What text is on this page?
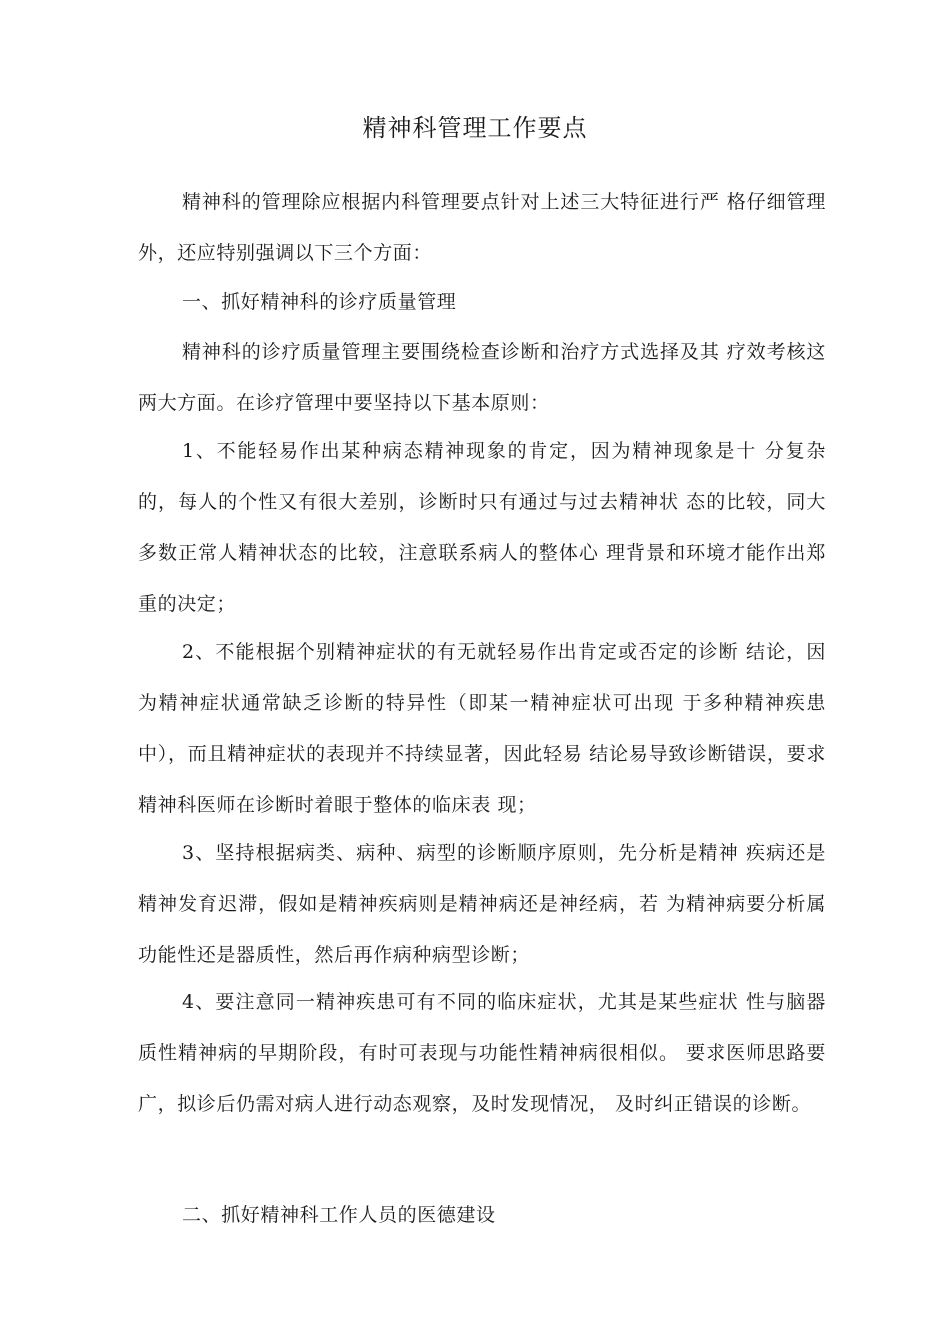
精神科管理工作要点

精神科的管理除应根据内科管理要点针对上述三大特征进行严 格仔细管理外，还应特别强调以下三个方面：

一、抓好精神科的诊疗质量管理

精神科的诊疗质量管理主要围绕检查诊断和治疗方式选择及其 疗效考核这两大方面。在诊疗管理中要坚持以下基本原则：

1、不能轻易作出某种病态精神现象的肯定，因为精神现象是十 分复杂的，每人的个性又有很大差别，诊断时只有通过与过去精神状 态的比较，同大多数正常人精神状态的比较，注意联系病人的整体心 理背景和环境才能作出郑重的决定；

2、不能根据个别精神症状的有无就轻易作出肯定或否定的诊断 结论，因为精神症状通常缺乏诊断的特异性（即某一精神症状可出现 于多种精神疾患中），而且精神症状的表现并不持续显著，因此轻易 结论易导致诊断错误，要求精神科医师在诊断时着眼于整体的临床表 现；

3、坚持根据病类、病种、病型的诊断顺序原则，先分析是精神 疾病还是精神发育迟滞，假如是精神疾病则是精神病还是神经病，若 为精神病要分析属功能性还是器质性，然后再作病种病型诊断；

4、要注意同一精神疾患可有不同的临床症状，尤其是某些症状 性与脑器质性精神病的早期阶段，有时可表现与功能性精神病很相似。 要求医师思路要广，拟诊后仍需对病人进行动态观察，及时发现情况， 及时纠正错误的诊断。

二、抓好精神科工作人员的医德建设
